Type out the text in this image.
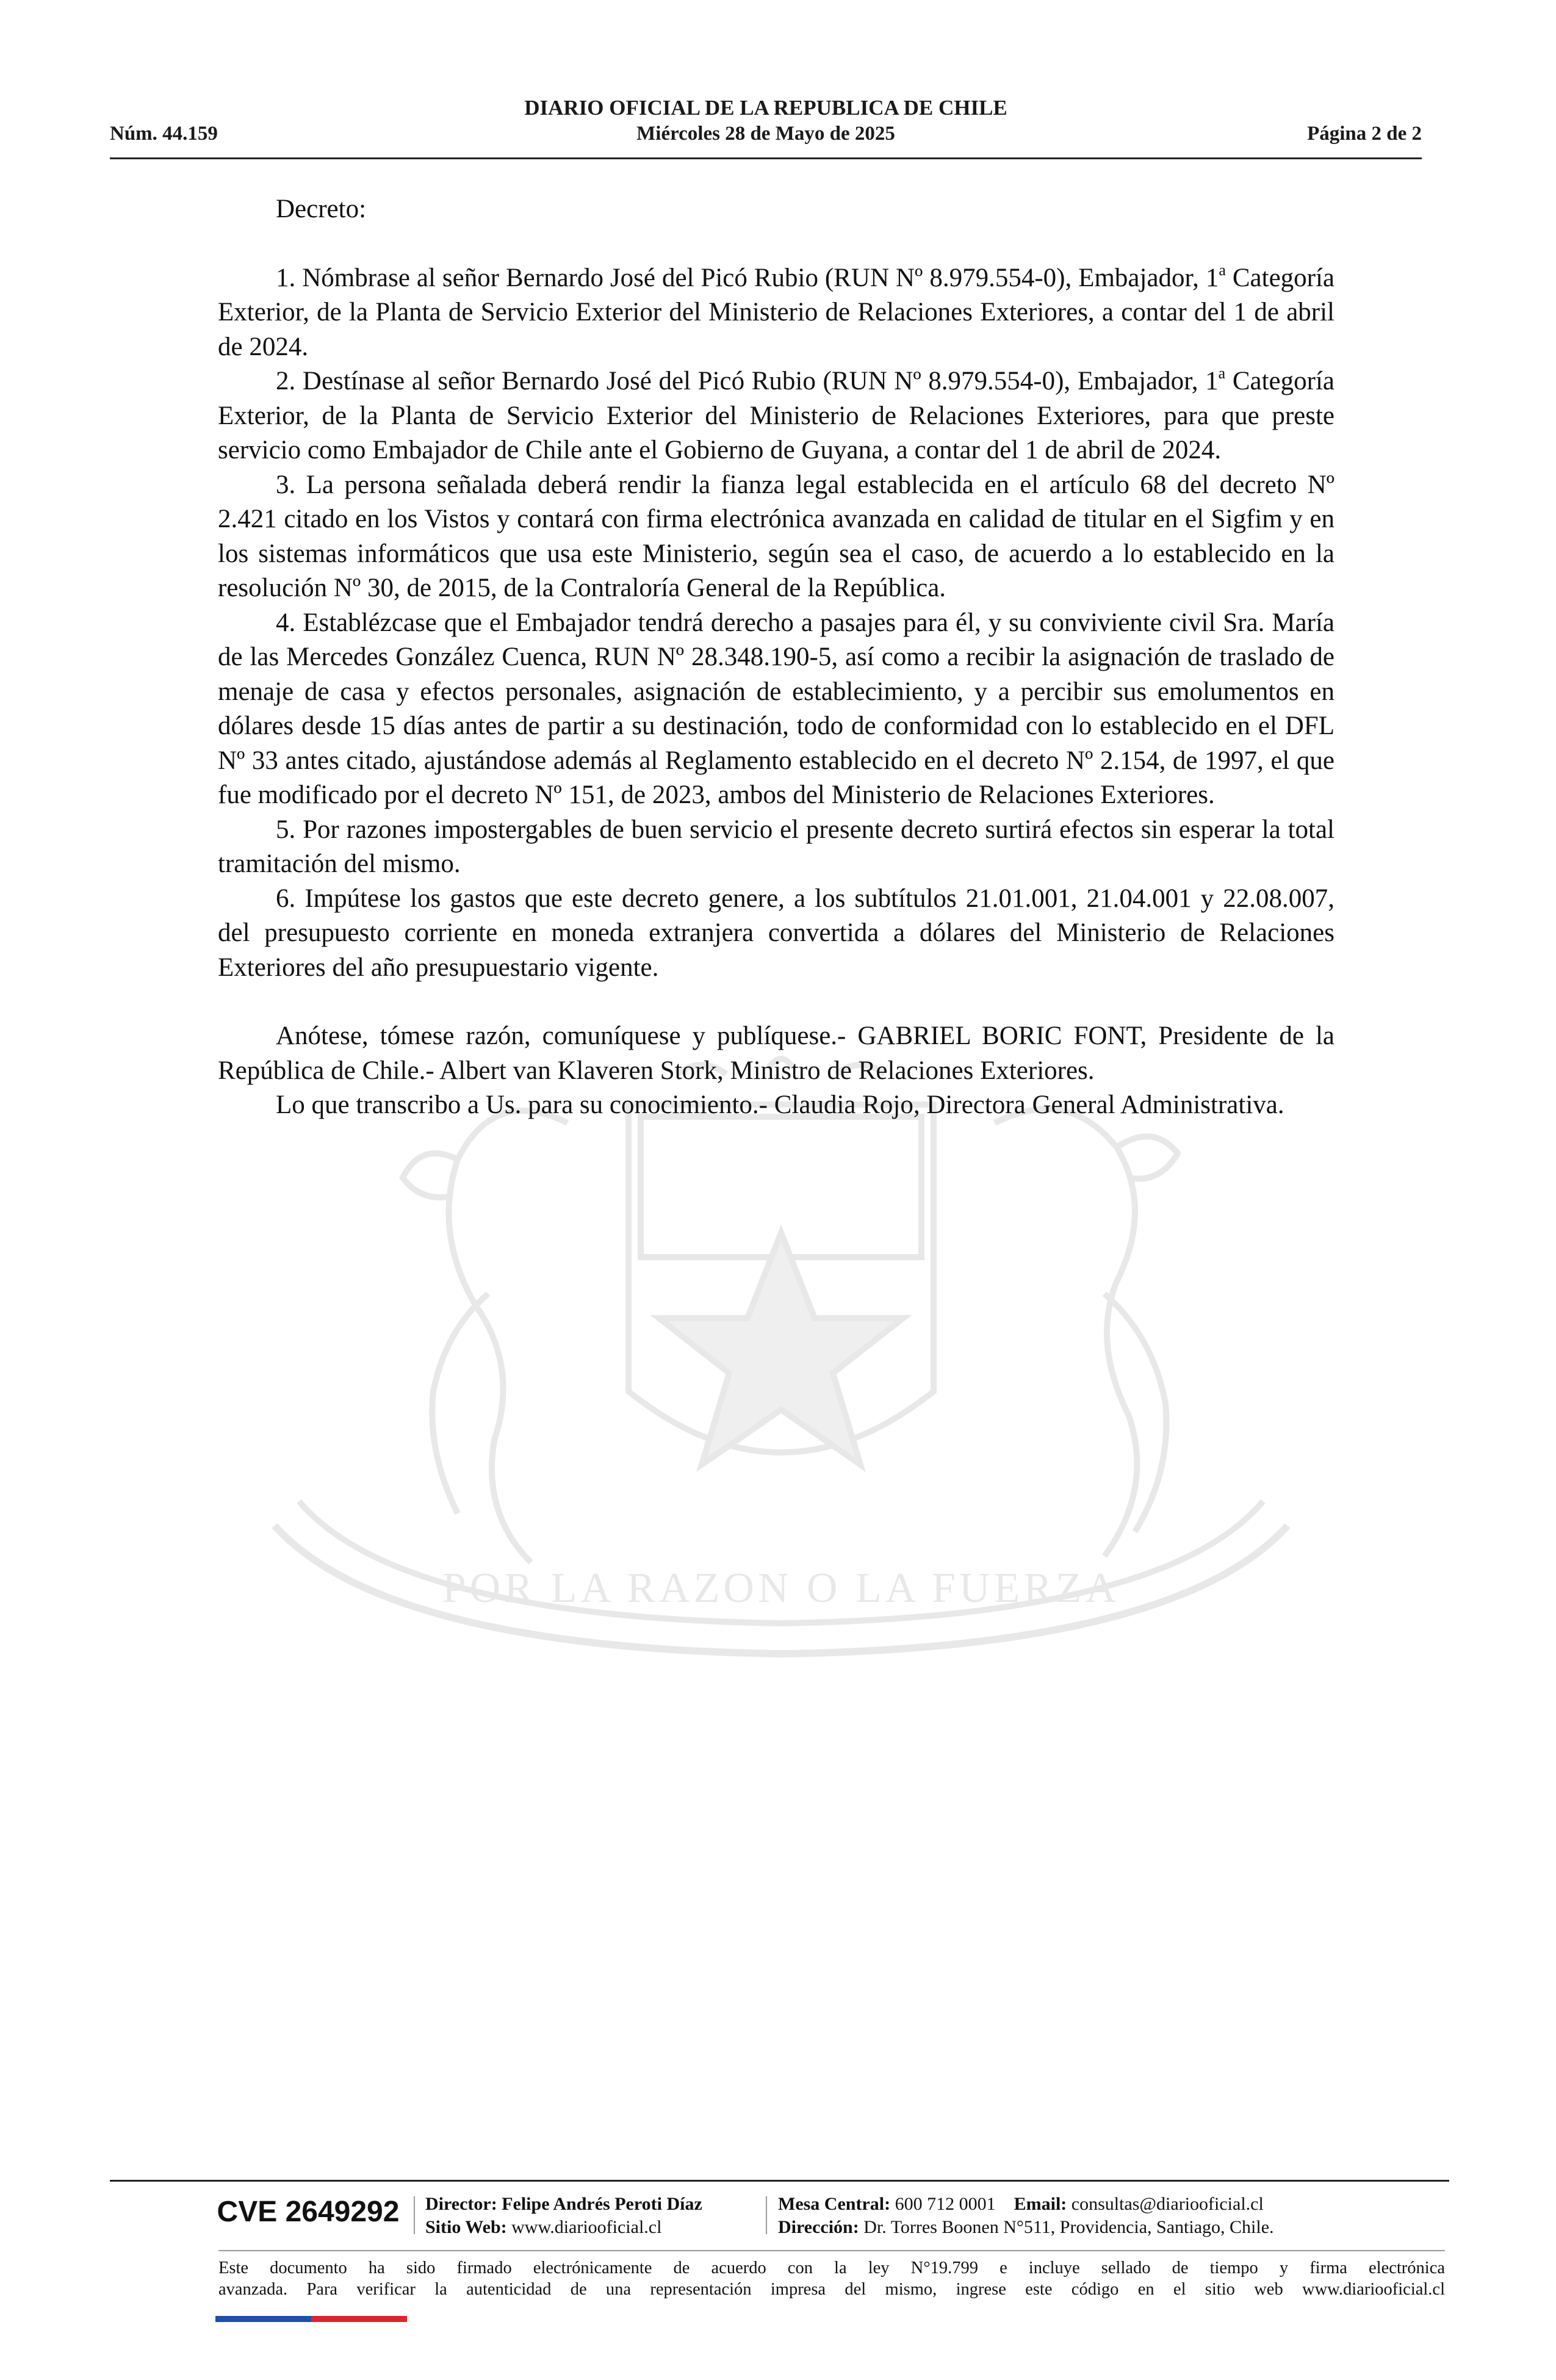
POR LA RAZON O LA FUERZA
DIARIO OFICIAL DE LA REPUBLICA DE CHILE
Núm. 44.159	Miércoles 28 de Mayo de 2025	Página 2 de 2

Decreto:

1. Nómbrase al señor Bernardo José del Picó Rubio (RUN Nº 8.979.554-0), Embajador, 1$^a$ Categoría Exterior, de la Planta de Servicio Exterior del Ministerio de Relaciones Exteriores, a contar del 1 de abril de 2024.

2. Destínase al señor Bernardo José del Picó Rubio (RUN Nº 8.979.554-0), Embajador, 1$^a$ Categoría Exterior, de la Planta de Servicio Exterior del Ministerio de Relaciones Exteriores, para que preste servicio como Embajador de Chile ante el Gobierno de Guyana, a contar del 1 de abril de 2024.

3. La persona señalada deberá rendir la fianza legal establecida en el artículo 68 del decreto Nº 2.421 citado en los Vistos y contará con firma electrónica avanzada en calidad de titular en el Sigfim y en los sistemas informáticos que usa este Ministerio, según sea el caso, de acuerdo a lo establecido en la resolución Nº 30, de 2015, de la Contraloría General de la República.

4. Establézcase que el Embajador tendrá derecho a pasajes para él, y su conviviente civil Sra. María de las Mercedes González Cuenca, RUN Nº 28.348.190-5, así como a recibir la asignación de traslado de menaje de casa y efectos personales, asignación de establecimiento, y a percibir sus emolumentos en dólares desde 15 días antes de partir a su destinación, todo de conformidad con lo establecido en el DFL Nº 33 antes citado, ajustándose además al Reglamento establecido en el decreto Nº 2.154, de 1997, el que fue modificado por el decreto Nº 151, de 2023, ambos del Ministerio de Relaciones Exteriores.

5. Por razones impostergables de buen servicio el presente decreto surtirá efectos sin esperar la total tramitación del mismo.

6. Impútese los gastos que este decreto genere, a los subtítulos 21.01.001, 21.04.001 y 22.08.007, del presupuesto corriente en moneda extranjera convertida a dólares del Ministerio de Relaciones Exteriores del año presupuestario vigente.

Anótese, tómese razón, comuníquese y publíquese.- GABRIEL BORIC FONT, Presidente de la República de Chile.- Albert van Klaveren Stork, Ministro de Relaciones Exteriores.

Lo que transcribo a Us. para su conocimiento.- Claudia Rojo, Directora General Administrativa.

CVE 2649292	Director: Felipe Andrés Peroti Díaz
Sitio Web: www.diariooficial.cl
Mesa Central: 600 712 0001 Email: consultas@diariooficial.cl
Dirección: Dr. Torres Boonen N°511, Providencia, Santiago, Chile.
Este documento ha sido firmado electrónicamente de acuerdo con la ley N°19.799 e incluye sellado de tiempo y firma electrónica
avanzada. Para verificar la autenticidad de una representación impresa del mismo, ingrese este código en el sitio web www.diariooficial.cl
